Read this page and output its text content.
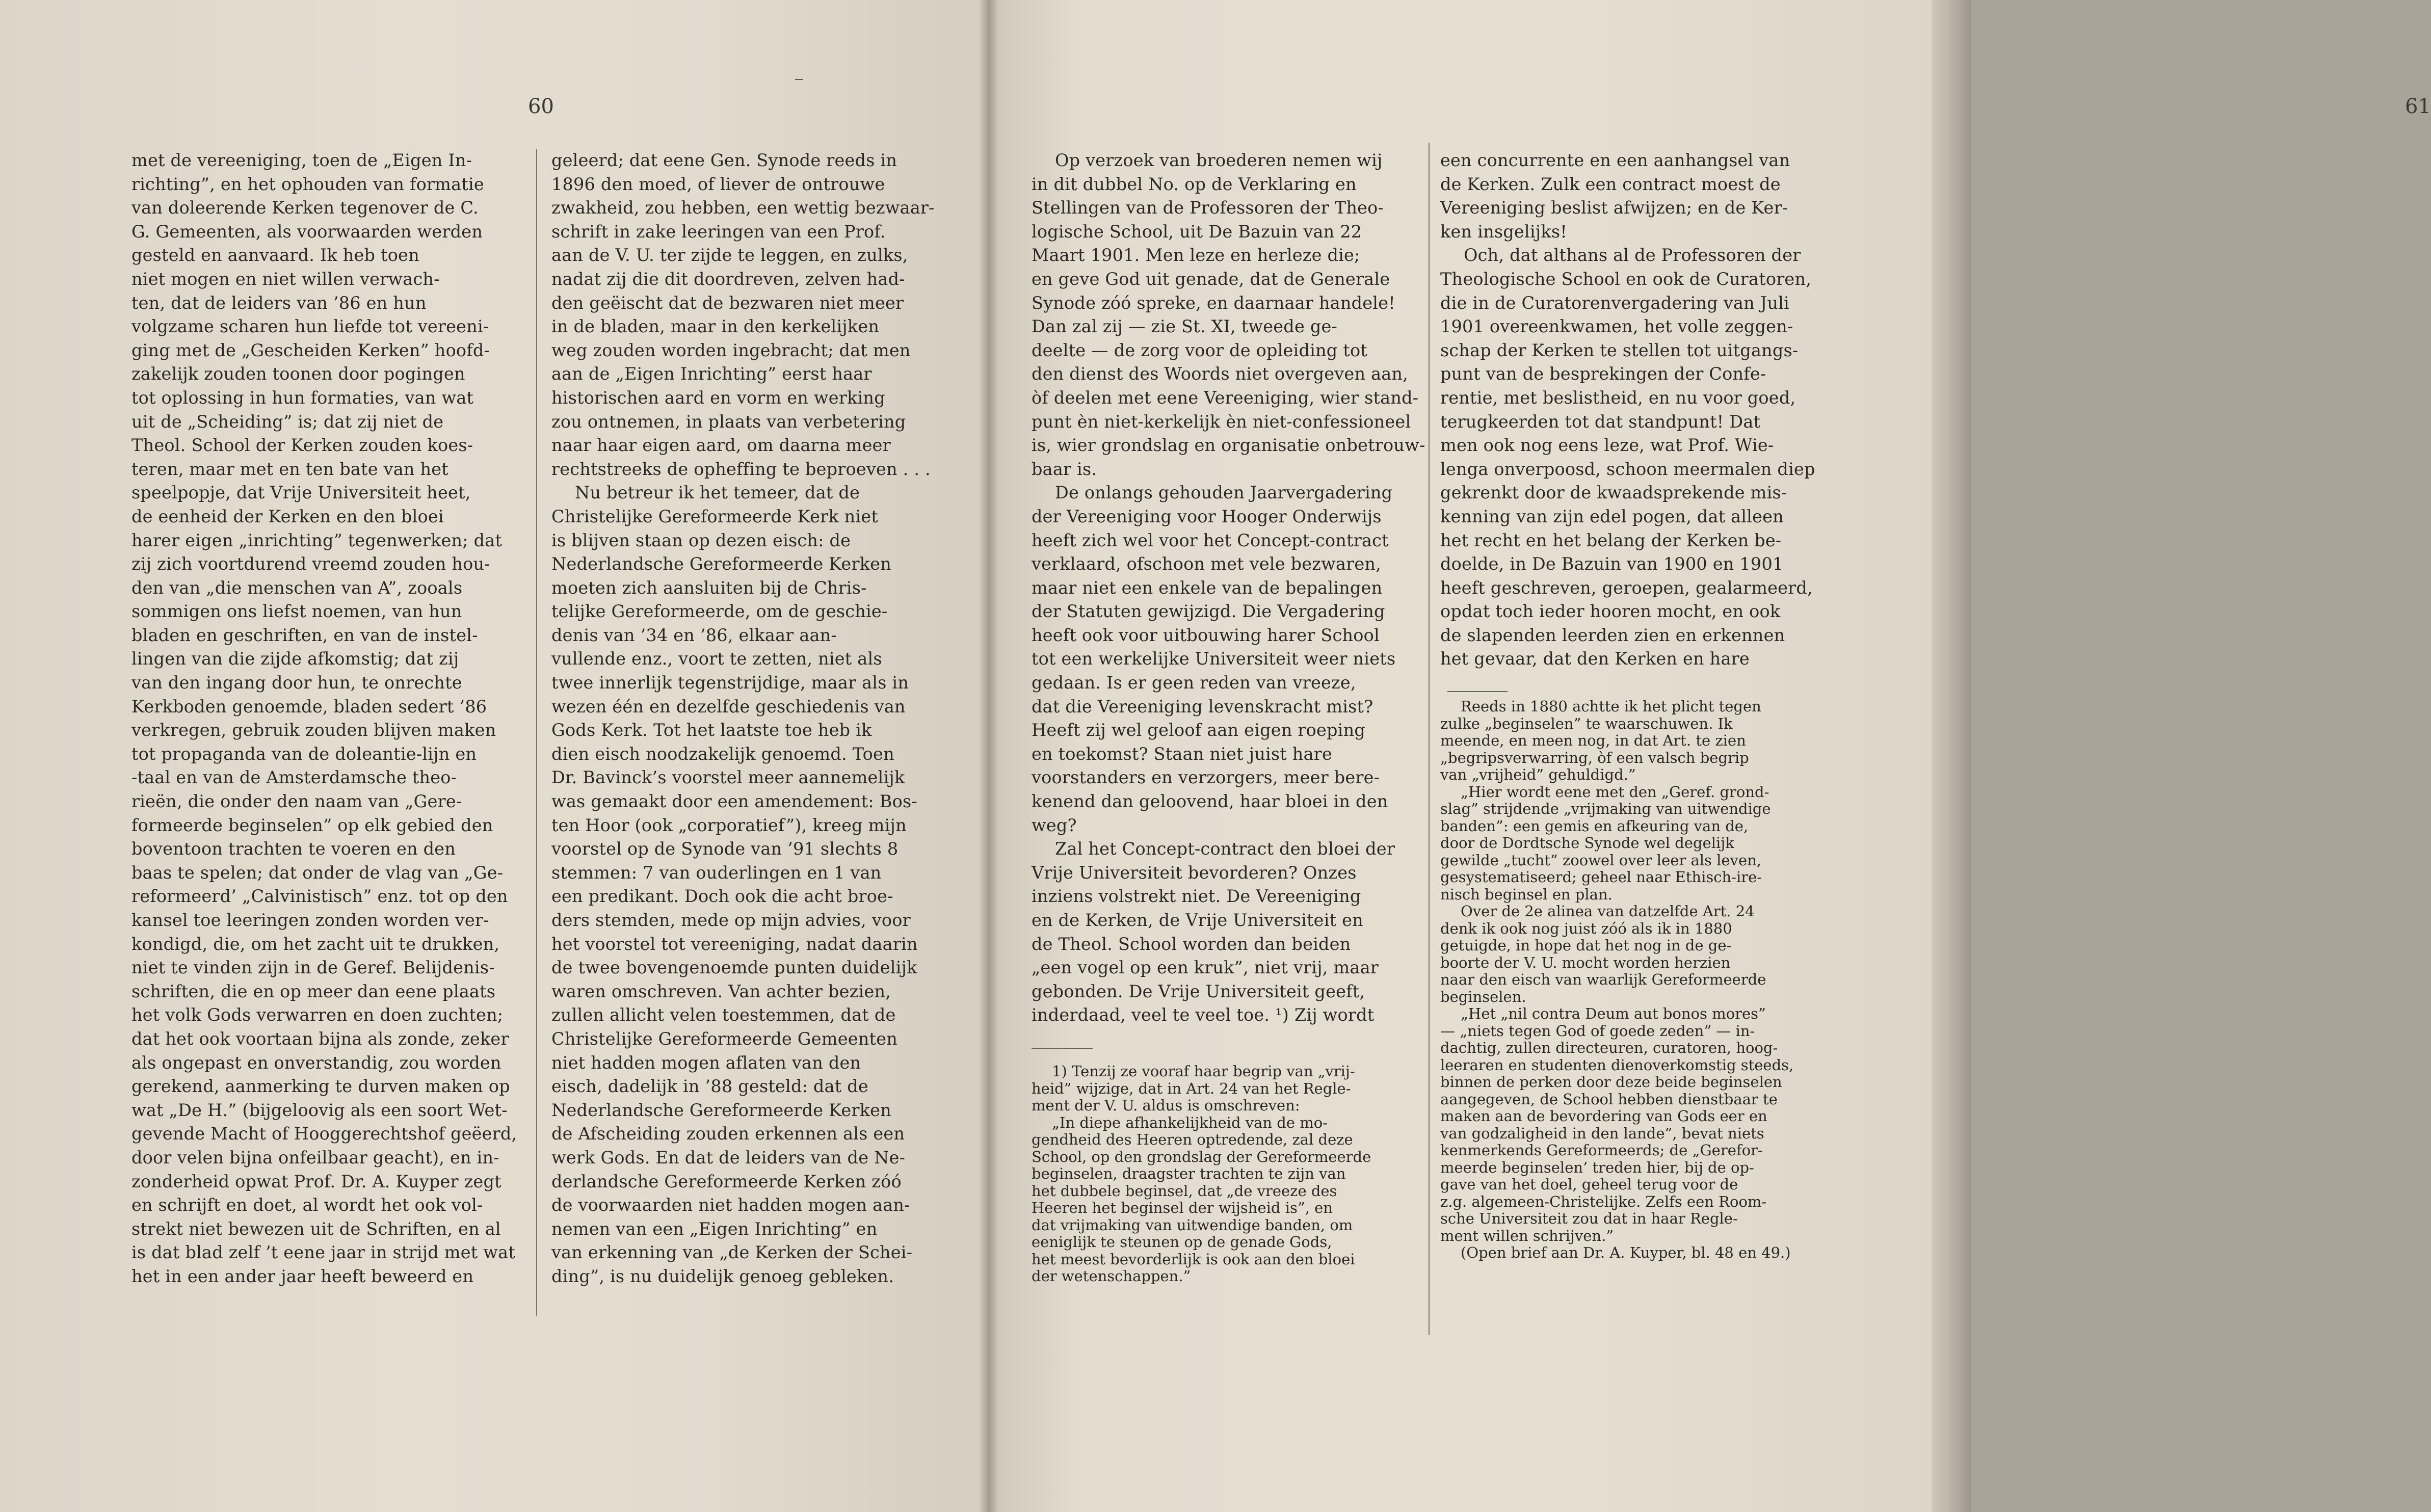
60

met de vereeniging, toen de „Eigen In-

richting”, en het ophouden van formatie

van doleerende Kerken tegenover de C.

G. Gemeenten, als voorwaarden werden

gesteld en aanvaard. Ik heb toen

niet mogen en niet willen verwach-

ten, dat de leiders van ’86 en hun

volgzame scharen hun liefde tot vereeni-

ging met de „Gescheiden Kerken” hoofd-

zakelijk zouden toonen door pogingen

tot oplossing in hun formaties, van wat

uit de „Scheiding” is; dat zij niet de

Theol. School der Kerken zouden koes-

teren, maar met en ten bate van het

speelpopje, dat Vrije Universiteit heet,

de eenheid der Kerken en den bloei

harer eigen „inrichting” tegenwerken; dat

zij zich voortdurend vreemd zouden hou-

den van „die menschen van A”, zooals

sommigen ons liefst noemen, van hun

bladen en geschriften, en van de instel-

lingen van die zijde afkomstig; dat zij

van den ingang door hun, te onrechte

Kerkboden genoemde, bladen sedert ’86

verkregen, gebruik zouden blijven maken

tot propaganda van de doleantie-lijn en

-taal en van de Amsterdamsche theo-

rieën, die onder den naam van „Gere-

formeerde beginselen” op elk gebied den

boventoon trachten te voeren en den

baas te spelen; dat onder de vlag van „Ge-

reformeerd’ „Calvinistisch” enz. tot op den

kansel toe leeringen zonden worden ver-

kondigd, die, om het zacht uit te drukken,

niet te vinden zijn in de Geref. Belijdenis-

schriften, die en op meer dan eene plaats

het volk Gods verwarren en doen zuchten;

dat het ook voortaan bijna als zonde, zeker

als ongepast en onverstandig, zou worden

gerekend, aanmerking te durven maken op

wat „De H.” (bijgeloovig als een soort Wet-

gevende Macht of Hooggerechtshof geëerd,

door velen bijna onfeilbaar geacht), en in-

zonderheid opwat Prof. Dr. A. Kuyper zegt

en schrijft en doet, al wordt het ook vol-

strekt niet bewezen uit de Schriften, en al

is dat blad zelf ’t eene jaar in strijd met wat

het in een ander jaar heeft beweerd en

geleerd; dat eene Gen. Synode reeds in

1896 den moed, of liever de ontrouwe

zwakheid, zou hebben, een wettig bezwaar-

schrift in zake leeringen van een Prof.

aan de V. U. ter zijde te leggen, en zulks,

nadat zij die dit doordreven, zelven had-

den geëischt dat de bezwaren niet meer

in de bladen, maar in den kerkelijken

weg zouden worden ingebracht; dat men

aan de „Eigen Inrichting” eerst haar

historischen aard en vorm en werking

zou ontnemen, in plaats van verbetering

naar haar eigen aard, om daarna meer

rechtstreeks de opheffing te beproeven . . .

Nu betreur ik het temeer, dat de

Christelijke Gereformeerde Kerk niet

is blijven staan op dezen eisch: de

Nederlandsche Gereformeerde Kerken

moeten zich aansluiten bij de Chris-

telijke Gereformeerde, om de geschie-

denis van ’34 en ’86, elkaar aan-

vullende enz., voort te zetten, niet als

twee innerlijk tegenstrijdige, maar als in

wezen één en dezelfde geschiedenis van

Gods Kerk. Tot het laatste toe heb ik

dien eisch noodzakelijk genoemd. Toen

Dr. Bavinck’s voorstel meer aannemelijk

was gemaakt door een amendement: Bos-

ten Hoor (ook „corporatief”), kreeg mijn

voorstel op de Synode van ’91 slechts 8

stemmen: 7 van ouderlingen en 1 van

een predikant. Doch ook die acht broe-

ders stemden, mede op mijn advies, voor

het voorstel tot vereeniging, nadat daarin

de twee bovengenoemde punten duidelijk

waren omschreven. Van achter bezien,

zullen allicht velen toestemmen, dat de

Christelijke Gereformeerde Gemeenten

niet hadden mogen aflaten van den

eisch, dadelijk in ’88 gesteld: dat de

Nederlandsche Gereformeerde Kerken

de Afscheiding zouden erkennen als een

werk Gods. En dat de leiders van de Ne-

derlandsche Gereformeerde Kerken zóó

de voorwaarden niet hadden mogen aan-

nemen van een „Eigen Inrichting” en

van erkenning van „de Kerken der Schei-

ding”, is nu duidelijk genoeg gebleken.

61

Op verzoek van broederen nemen wij

in dit dubbel No. op de Verklaring en

Stellingen van de Professoren der Theo-

logische School, uit De Bazuin van 22

Maart 1901. Men leze en herleze die;

en geve God uit genade, dat de Generale

Synode zóó spreke, en daarnaar handele!

Dan zal zij — zie St. XI, tweede ge-

deelte — de zorg voor de opleiding tot

den dienst des Woords niet overgeven aan,

òf deelen met eene Vereeniging, wier stand-

punt èn niet-kerkelijk èn niet-confessioneel

is, wier grondslag en organisatie onbetrouw-

baar is.

De onlangs gehouden Jaarvergadering

der Vereeniging voor Hooger Onderwijs

heeft zich wel voor het Concept-contract

verklaard, ofschoon met vele bezwaren,

maar niet een enkele van de bepalingen

der Statuten gewijzigd. Die Vergadering

heeft ook voor uitbouwing harer School

tot een werkelijke Universiteit weer niets

gedaan. Is er geen reden van vreeze,

dat die Vereeniging levenskracht mist?

Heeft zij wel geloof aan eigen roeping

en toekomst? Staan niet juist hare

voorstanders en verzorgers, meer bere-

kenend dan geloovend, haar bloei in den

weg?

Zal het Concept-contract den bloei der

Vrije Universiteit bevorderen? Onzes

inziens volstrekt niet. De Vereeniging

en de Kerken, de Vrije Universiteit en

de Theol. School worden dan beiden

„een vogel op een kruk”, niet vrij, maar

gebonden. De Vrije Universiteit geeft,

inderdaad, veel te veel toe. ¹) Zij wordt

1) Tenzij ze vooraf haar begrip van „vrij-

heid” wijzige, dat in Art. 24 van het Regle-

ment der V. U. aldus is omschreven:

„In diepe afhankelijkheid van de mo-

gendheid des Heeren optredende, zal deze

School, op den grondslag der Gereformeerde

beginselen, draagster trachten te zijn van

het dubbele beginsel, dat „de vreeze des

Heeren het beginsel der wijsheid is”, en

dat vrijmaking van uitwendige banden, om

eeniglijk te steunen op de genade Gods,

het meest bevorderlijk is ook aan den bloei

der wetenschappen.”

een concurrente en een aanhangsel van

de Kerken. Zulk een contract moest de

Vereeniging beslist afwijzen; en de Ker-

ken insgelijks!

Och, dat althans al de Professoren der

Theologische School en ook de Curatoren,

die in de Curatorenvergadering van Juli

1901 overeenkwamen, het volle zeggen-

schap der Kerken te stellen tot uitgangs-

punt van de besprekingen der Confe-

rentie, met beslistheid, en nu voor goed,

terugkeerden tot dat standpunt! Dat

men ook nog eens leze, wat Prof. Wie-

lenga onverpoosd, schoon meermalen diep

gekrenkt door de kwaadsprekende mis-

kenning van zijn edel pogen, dat alleen

het recht en het belang der Kerken be-

doelde, in De Bazuin van 1900 en 1901

heeft geschreven, geroepen, gealarmeerd,

opdat toch ieder hooren mocht, en ook

de slapenden leerden zien en erkennen

het gevaar, dat den Kerken en hare

Reeds in 1880 achtte ik het plicht tegen

zulke „beginselen” te waarschuwen. Ik

meende, en meen nog, in dat Art. te zien

„begripsverwarring, òf een valsch begrip

van „vrijheid” gehuldigd.”

„Hier wordt eene met den „Geref. grond-

slag” strijdende „vrijmaking van uitwendige

banden”: een gemis en afkeuring van de,

door de Dordtsche Synode wel degelijk

gewilde „tucht” zoowel over leer als leven,

gesystematiseerd; geheel naar Ethisch-ire-

nisch beginsel en plan.

Over de 2e alinea van datzelfde Art. 24

denk ik ook nog juist zóó als ik in 1880

getuigde, in hope dat het nog in de ge-

boorte der V. U. mocht worden herzien

naar den eisch van waarlijk Gereformeerde

beginselen.

„Het „nil contra Deum aut bonos mores”

— „niets tegen God of goede zeden” — in-

dachtig, zullen directeuren, curatoren, hoog-

leeraren en studenten dienoverkomstig steeds,

binnen de perken door deze beide beginselen

aangegeven, de School hebben dienstbaar te

maken aan de bevordering van Gods eer en

van godzaligheid in den lande”, bevat niets

kenmerkends Gereformeerds; de „Gerefor-

meerde beginselen’ treden hier, bij de op-

gave van het doel, geheel terug voor de

z.g. algemeen-Christelijke. Zelfs een Room-

sche Universiteit zou dat in haar Regle-

ment willen schrijven.”

(Open brief aan Dr. A. Kuyper, bl. 48 en 49.)
